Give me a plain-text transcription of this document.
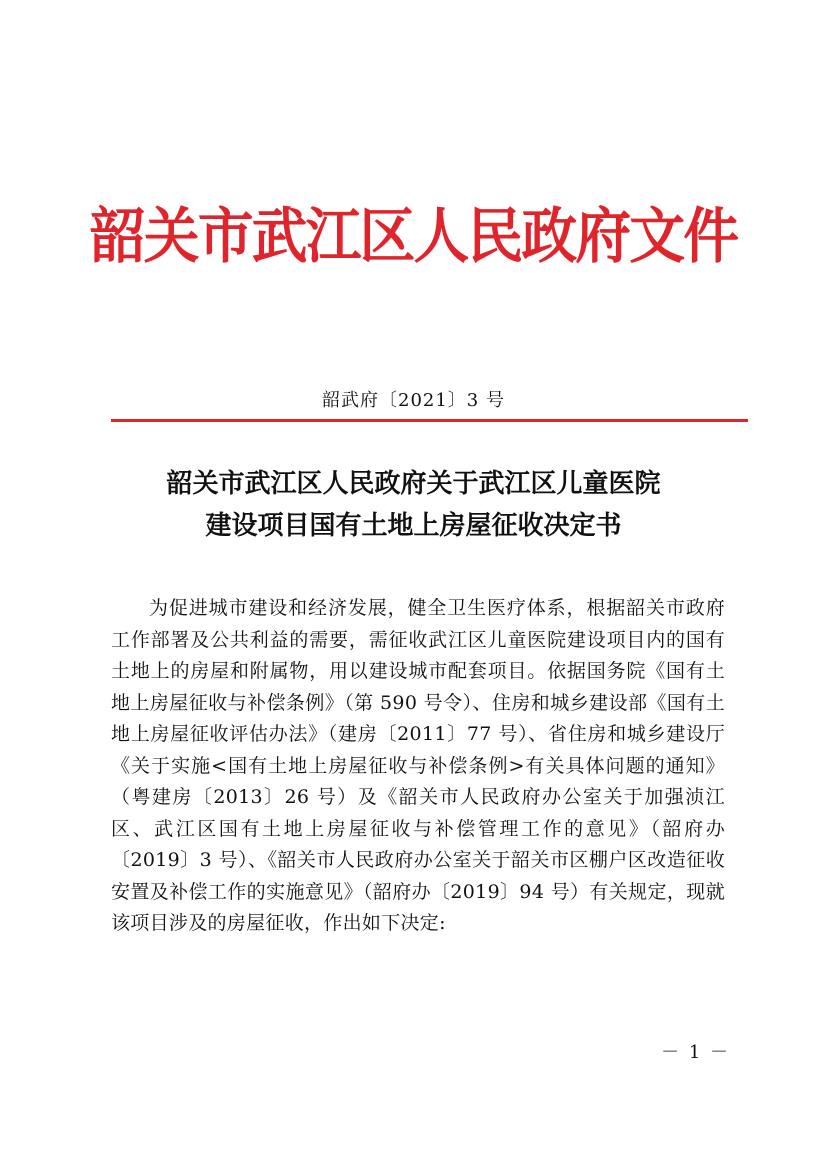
韶关市武江区人民政府文件
韶武府〔2021〕3 号
韶关市武江区人民政府关于武江区儿童医院
建设项目国有土地上房屋征收决定书

为促进城市建设和经济发展，健全卫生医疗体系，根据韶关市政府工作部署及公共利益的需要，需征收武江区儿童医院建设项目内的国有土地上的房屋和附属物，用以建设城市配套项目。依据国务院《国有土地上房屋征收与补偿条例》（第 590 号令）、住房和城乡建设部《国有土地上房屋征收评估办法》（建房〔2011〕77 号）、省住房和城乡建设厅《关于实施<国有土地上房屋征收与补偿条例>有关具体问题的通知》（粤建房〔2013〕26 号）及《韶关市人民政府办公室关于加强浈江区、武江区国有土地上房屋征收与补偿管理工作的意见》（韶府办〔2019〕3 号）、《韶关市人民政府办公室关于韶关市区棚户区改造征收安置及补偿工作的实施意见》（韶府办〔2019〕94 号）有关规定，现就该项目涉及的房屋征收，作出如下决定:

－ 1 －
